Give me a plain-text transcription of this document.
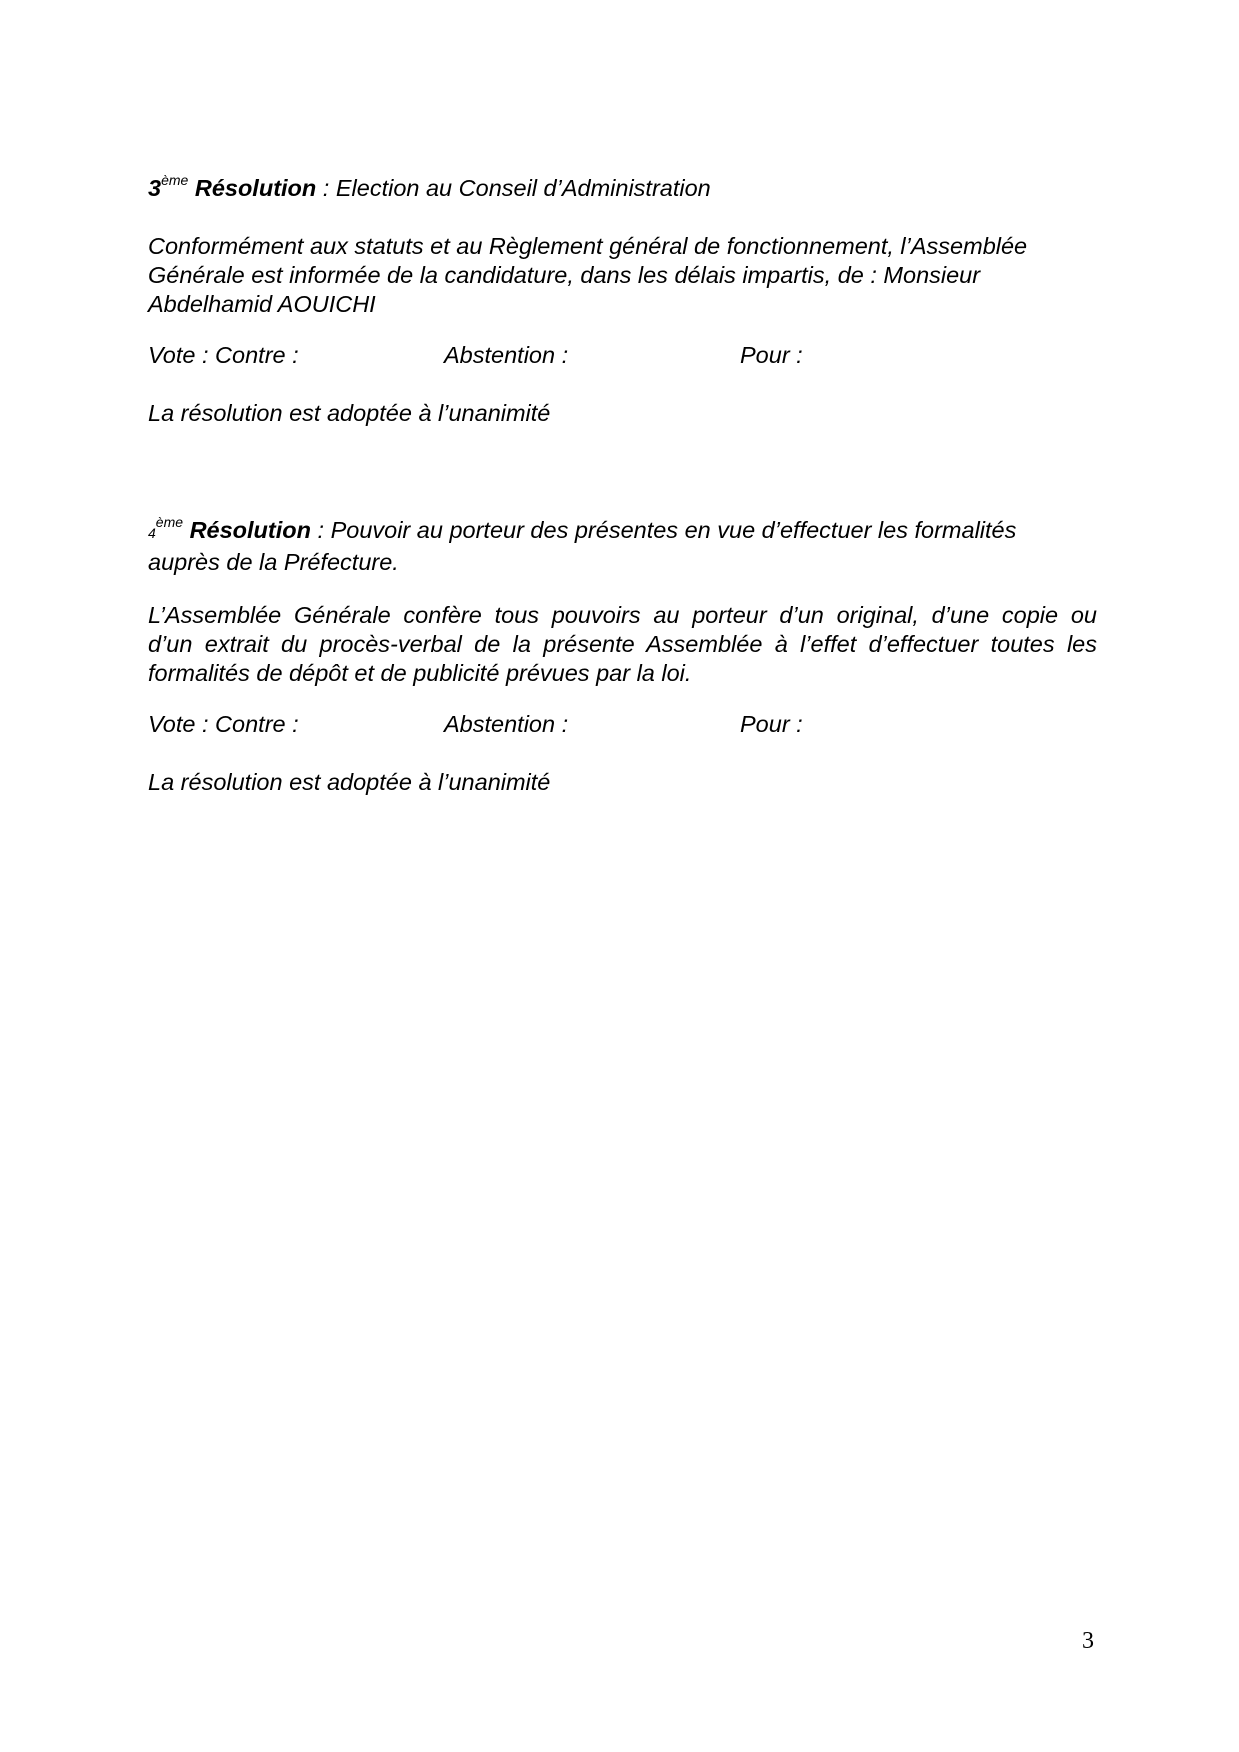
3ème Résolution : Election au Conseil d’Administration

Conformément aux statuts et au Règlement général de fonctionnement, l’Assemblée
Générale est informée de la candidature, dans les délais impartis, de : Monsieur
Abdelhamid AOUICHI

Vote : Contre :	Abstention :	Pour :

La résolution est adoptée à l’unanimité

4ème Résolution : Pouvoir au porteur des présentes en vue d’effectuer les formalités

auprès de la Préfecture.

L’Assemblée Générale confère tous pouvoirs au porteur d’un original, d’une copie ou
d’un extrait du procès-verbal de la présente Assemblée à l’effet d’effectuer toutes les
formalités de dépôt et de publicité prévues par la loi.

Vote : Contre :	Abstention :	Pour :

La résolution est adoptée à l’unanimité

3
